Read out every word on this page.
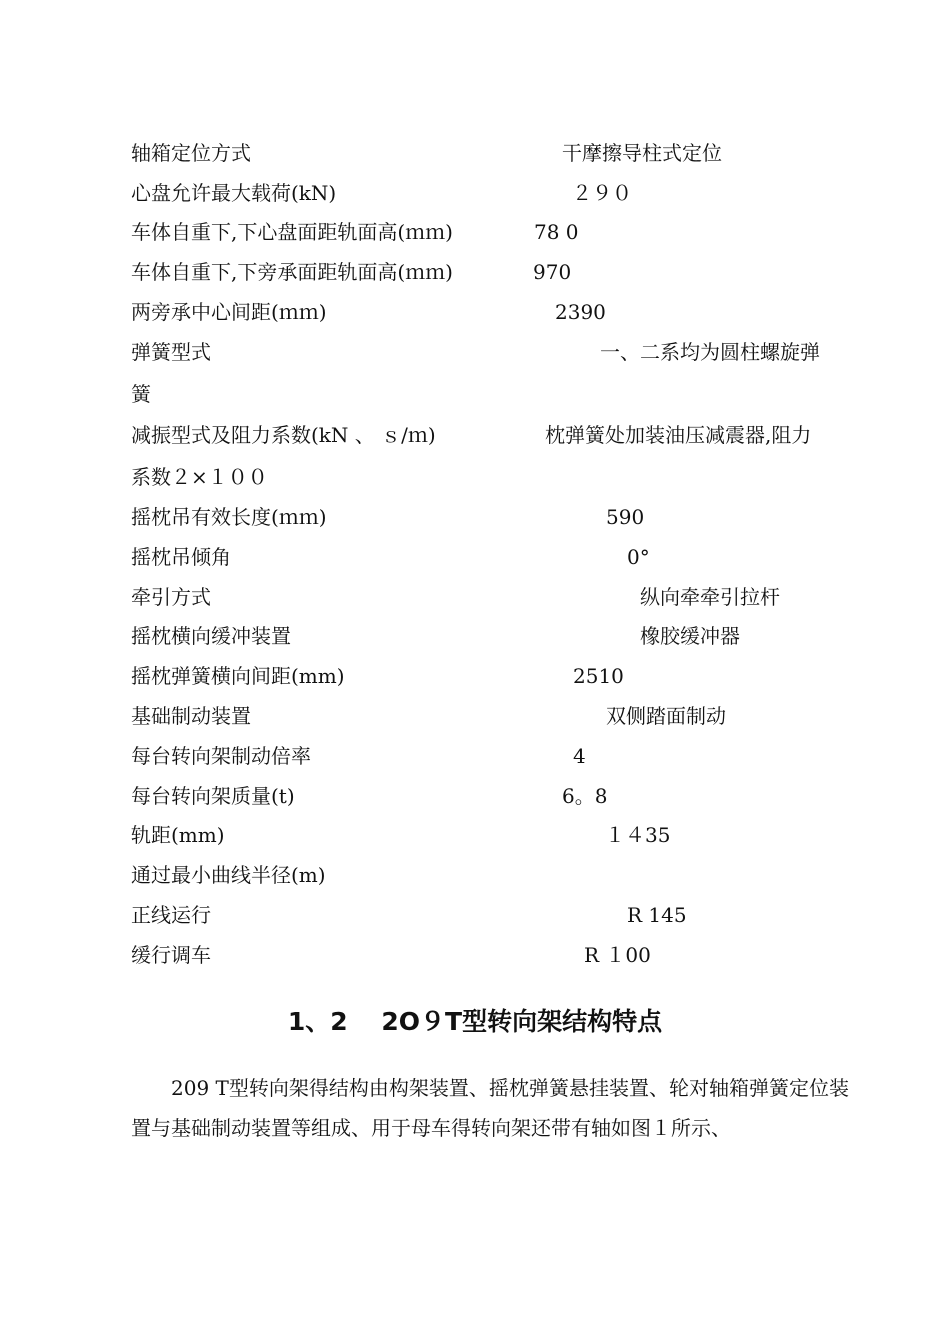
轴箱定位方式	干摩擦导柱式定位
心盘允许最大载荷(kN)	２９０
车体自重下,下心盘面距轨面高(ｍｍ)	78 0
车体自重下,下旁承面距轨面高(ｍｍ)	970
两旁承中心间距(ｍｍ)	2390
弹簧型式	一、二系均为圆柱螺旋弹
簧
减振型式及阻力系数(kN 、 ｓ/ｍ)	枕弹簧处加装油压减震器,阻力
系数２×１００
摇枕吊有效长度(ｍｍ)	590
摇枕吊倾角	0°
牵引方式	纵向牵牵引拉杆
摇枕横向缓冲装置	橡胶缓冲器
摇枕弹簧横向间距(mm)	2510
基础制动装置	双侧踏面制动
每台转向架制动倍率	4
每台转向架质量(t)	6。8
轨距(mm)	１４35
通过最小曲线半径(m)
正线运行	R 145
缓行调车	R １00
1、2　 2O９T型转向架结构特点

209 T型转向架得结构由构架装置、摇枕弹簧悬挂装置、轮对轴箱弹簧定位装置与基础制动装置等组成、用于母车得转向架还带有轴如图１所示、
